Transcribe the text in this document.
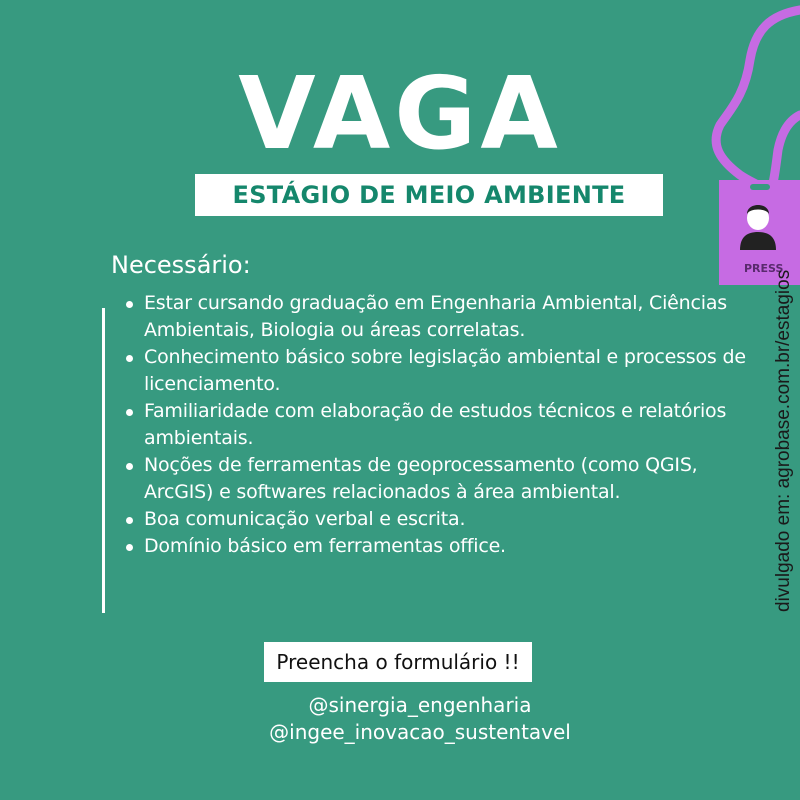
VAGA
ESTÁGIO DE MEIO AMBIENTE
Necessário:
Estar cursando graduação em Engenharia Ambiental, Ciências Ambientais, Biologia ou áreas correlatas.
Conhecimento básico sobre legislação ambiental e processos de licenciamento.
Familiaridade com elaboração de estudos técnicos e relatórios ambientais.
Noções de ferramentas de geoprocessamento (como QGIS, ArcGIS) e softwares relacionados à área ambiental.
Boa comunicação verbal e escrita.
Domínio básico em ferramentas office.
Preencha o formulário !!
@sinergia_engenharia
@ingee_inovacao_sustentavel
PRESS
divulgado em: agrobase.com.br/estagios
